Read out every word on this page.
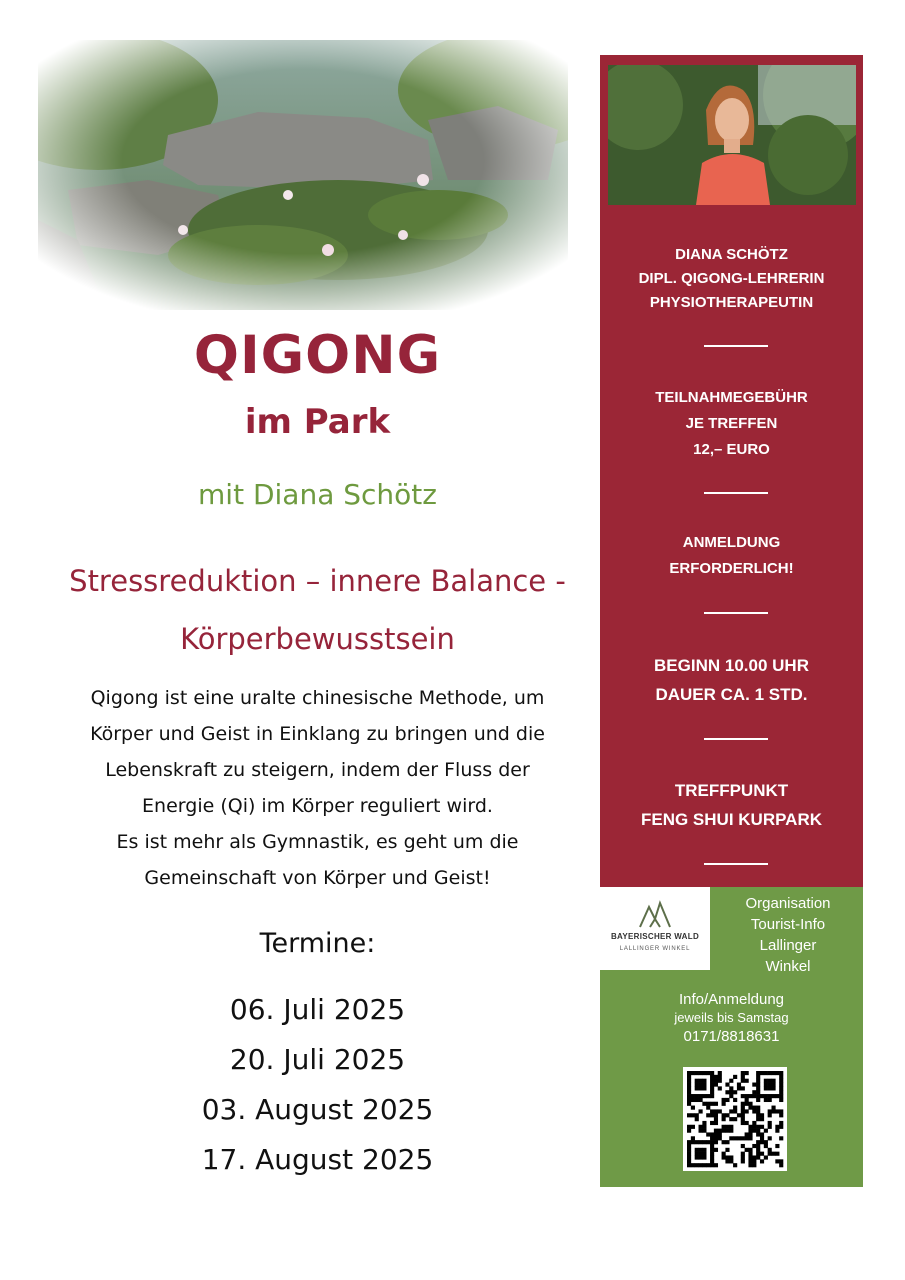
QIGONG
im Park
mit Diana Schötz
Stressreduktion – innere Balance -
Körperbewusstsein
Qigong ist eine uralte chinesische Methode, um
Körper und Geist in Einklang zu bringen und die
Lebenskraft zu steigern, indem der Fluss der
Energie (Qi) im Körper reguliert wird.
Es ist mehr als Gymnastik, es geht um die
Gemeinschaft von Körper und Geist!
Termine:
06. Juli 2025
20. Juli 2025
03. August 2025
17. August 2025
DIANA SCHÖTZ
DIPL. QIGONG-LEHRERIN
PHYSIOTHERAPEUTIN
TEILNAHMEGEBÜHR
JE TREFFEN
12,– EURO
ANMELDUNG
ERFORDERLICH!
BEGINN 10.00 UHR
DAUER CA. 1 STD.
TREFFPUNKT
FENG SHUI KURPARK
BAYERISCHER WALD
LALLINGER WINKEL
Organisation
Tourist-Info
Lallinger
Winkel
Info/Anmeldung
jeweils bis Samstag
0171/8818631
